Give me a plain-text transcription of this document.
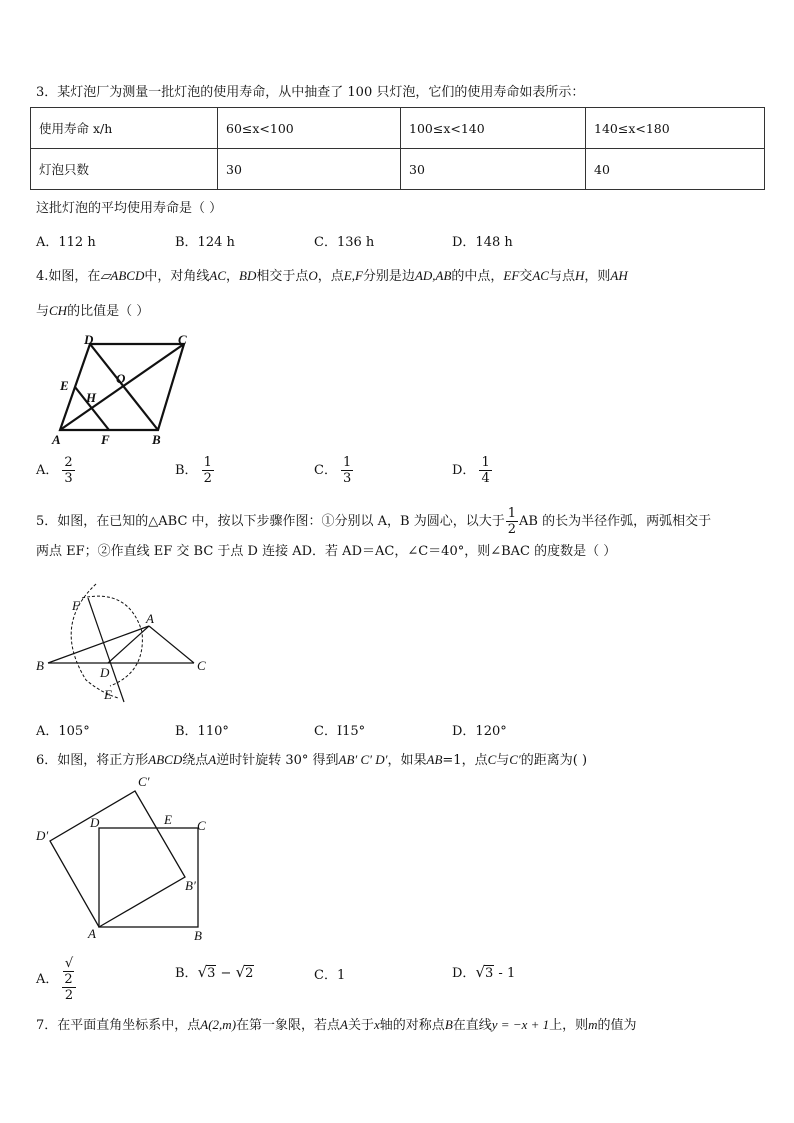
3．某灯泡厂为测量一批灯泡的使用寿命，从中抽查了 100 只灯泡，它们的使用寿命如表所示：
使用寿命 x/h	60≤x<100	100≤x<140	140≤x<180
灯泡只数	30	30	40
这批灯泡的平均使用寿命是（ ）
A．112 h	B．124 h	C．136 h	D．148 h
4.如图，在▱ABCD中，对角线AC，BD相交于点O，点E,F分别是边AD,AB的中点，EF交AC与点H，则AH
与CH的比值是（ ）
D	C
O
E
H
A	F	B
A． $\frac{2}{3}$	B． $\frac{1}{2}$	C． $\frac{1}{3}$	D． $\frac{1}{4}$
5．如图，在已知的△ABC 中，按以下步骤作图：①分别以 A，B 为圆心，以大于 $\frac{1}{2}$ AB 的长为半径作弧，两弧相交于
两点 EF；②作直线 EF 交 BC 于点 D 连接 AD．若 AD＝AC，∠C＝40°，则∠BAC 的度数是（ ）
F
A
B	C
D
E
A．105°	B．110°	C．I15°	D．120°
6．如图，将正方形ABCD绕点A逆时针旋转 30° 得到AB′ C′ D′，如果AB=1，点C与C′的距离为( )
C′
D′
D	E C
B′
A	B
A． √
2
2	B．√3 − √2	C．1	D．√3 - 1
7．在平面直角坐标系中，点A(2,m)在第一象限，若点A关于x轴的对称点B在直线y = −x + 1上，则m的值为
